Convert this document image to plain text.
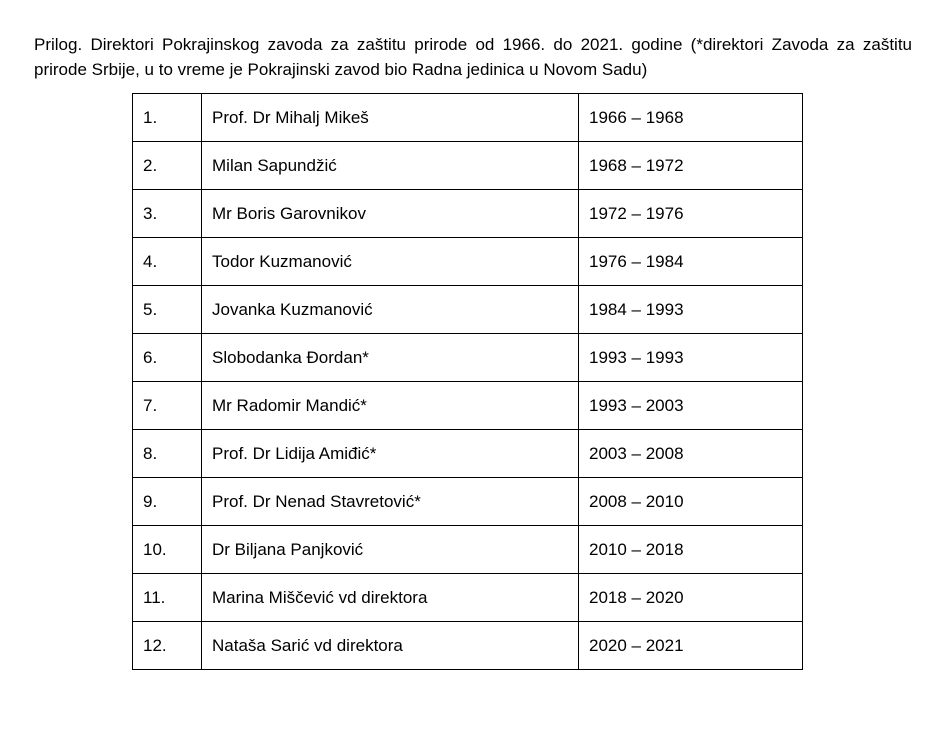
Prilog. Direktori Pokrajinskog zavoda za zaštitu prirode od 1966. do 2021. godine (*direktori Zavoda za zaštitu prirode Srbije, u to vreme je Pokrajinski zavod bio Radna jedinica u Novom Sadu)

1.	Prof. Dr Mihalj Mikeš	1966 – 1968
2.	Milan Sapundžić	1968 – 1972
3.	Mr Boris Garovnikov	1972 – 1976
4.	Todor Kuzmanović	1976 – 1984
5.	Jovanka Kuzmanović	1984 – 1993
6.	Slobodanka Đordan*	1993 – 1993
7.	Mr Radomir Mandić*	1993 – 2003
8.	Prof. Dr Lidija Amiđić*	2003 – 2008
9.	Prof. Dr Nenad Stavretović*	2008 – 2010
10.	Dr Biljana Panjković	2010 – 2018
11.	Marina Miščević vd direktora	2018 – 2020
12.	Nataša Sarić vd direktora	2020 – 2021
